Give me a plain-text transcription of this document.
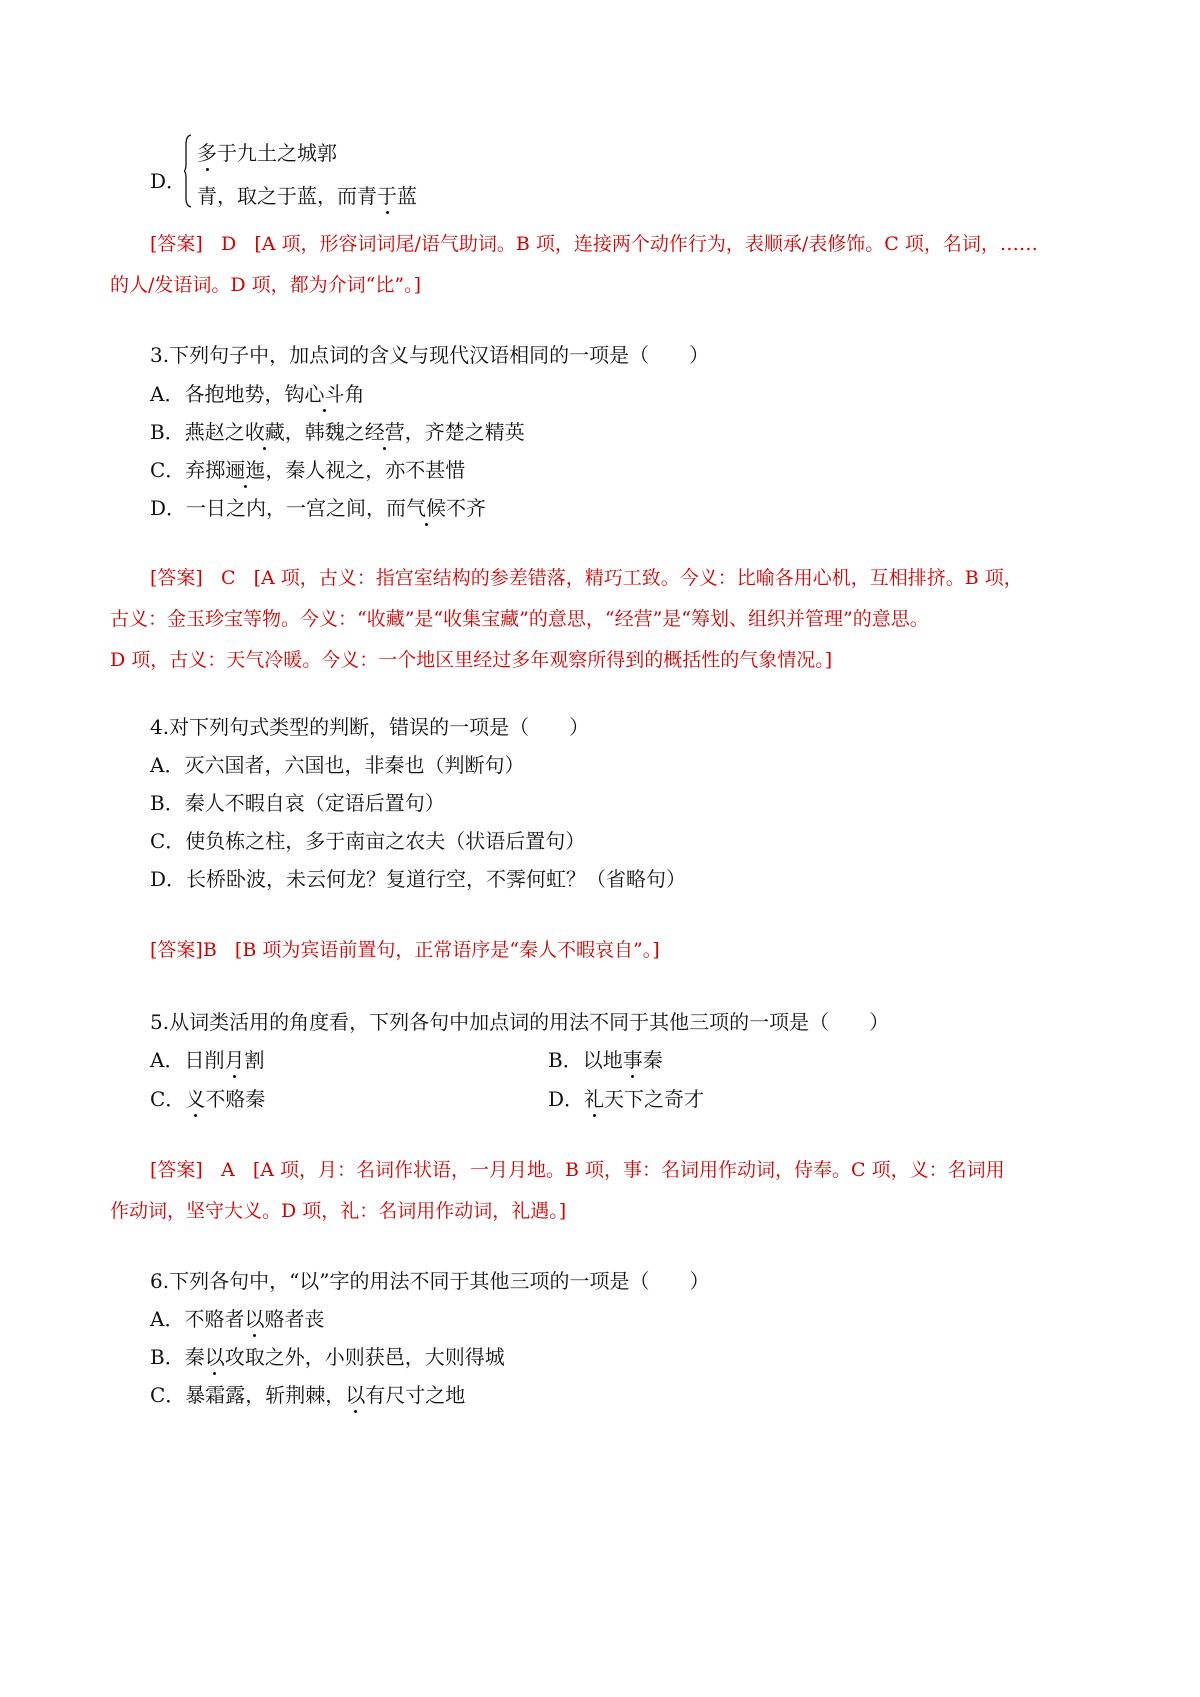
D．
多于九土之城郭
青，取之于蓝，而青于蓝
[答案] D [A 项，形容词词尾/语气助词。B 项，连接两个动作行为，表顺承/表修饰。C 项，名词，……
的人/发语词。D 项，都为介词“比”。]
3.下列句子中，加点词的含义与现代汉语相同的一项是（　　）
A．各抱地势，钩心斗角
B．燕赵之收藏，韩魏之经营，齐楚之精英
C．弃掷逦迤，秦人视之，亦不甚惜
D．一日之内，一宫之间，而气候不齐
[答案] C [A 项，古义：指宫室结构的参差错落，精巧工致。今义：比喻各用心机，互相排挤。B 项，
古义：金玉珍宝等物。今义：“收藏”是“收集宝藏”的意思，“经营”是“筹划、组织并管理”的意思。
D 项，古义：天气冷暖。今义：一个地区里经过多年观察所得到的概括性的气象情况。]
4.对下列句式类型的判断，错误的一项是（　　）
A．灭六国者，六国也，非秦也（判断句）
B．秦人不暇自哀（定语后置句）
C．使负栋之柱，多于南亩之农夫（状语后置句）
D．长桥卧波，未云何龙？复道行空，不霁何虹？（省略句）
[答案]B [B 项为宾语前置句，正常语序是“秦人不暇哀自”。]
5.从词类活用的角度看，下列各句中加点词的用法不同于其他三项的一项是（　　）
A．日削月割	B．以地事秦
C．义不赂秦	D．礼天下之奇才
[答案] A [A 项，月：名词作状语，一月月地。B 项，事：名词用作动词，侍奉。C 项，义：名词用
作动词，坚守大义。D 项，礼：名词用作动词，礼遇。]
6.下列各句中，“以”字的用法不同于其他三项的一项是（　　）
A．不赂者以赂者丧
B．秦以攻取之外，小则获邑，大则得城
C．暴霜露，斩荆棘，以有尺寸之地
